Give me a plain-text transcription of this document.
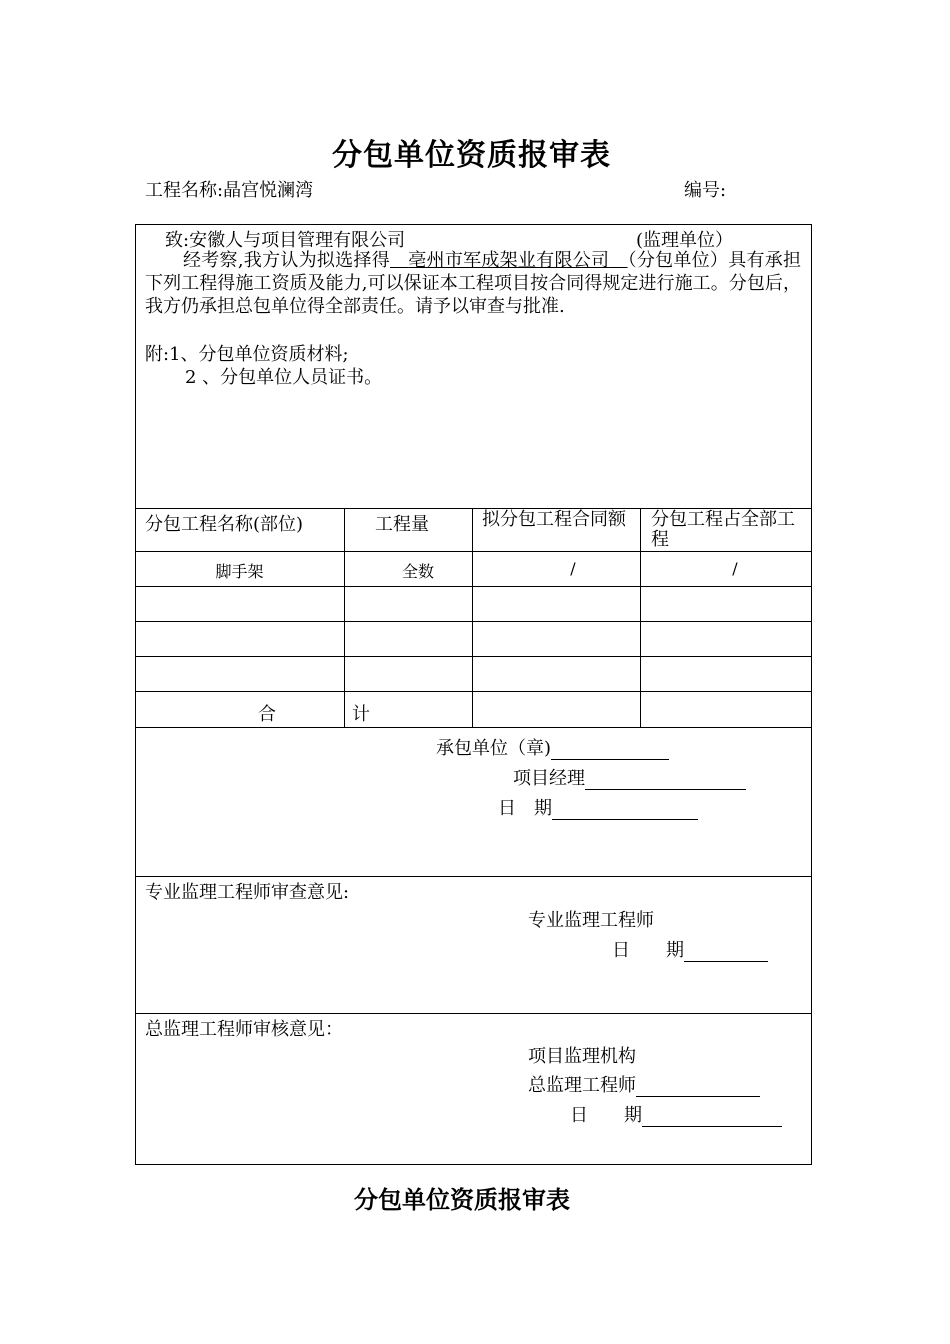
分包单位资质报审表
工程名称:晶宫悦澜湾	编号:
致:安徽人与项目管理有限公司	(监理单位）
经考察,我方认为拟选择得　 亳州市军成架业有限公司　 （分包单位）具有承担下列工程得施工资质及能力,可以保证本工程项目按合同得规定进行施工。分包后，我方仍承担总包单位得全部责任。请予以审查与批准.
附:1、分包单位资质材料;
2 、分包单位人员证书。
分包工程名称(部位)	工程量	拟分包工程合同额	分包工程占全部工程
脚手架	全数	/	/
合	计
承包单位（章)
项目经理
日　期
专业监理工程师审查意见:
专业监理工程师
日　　期
总监理工程师审核意见：
项目监理机构
总监理工程师
日　　期
分包单位资质报审表
